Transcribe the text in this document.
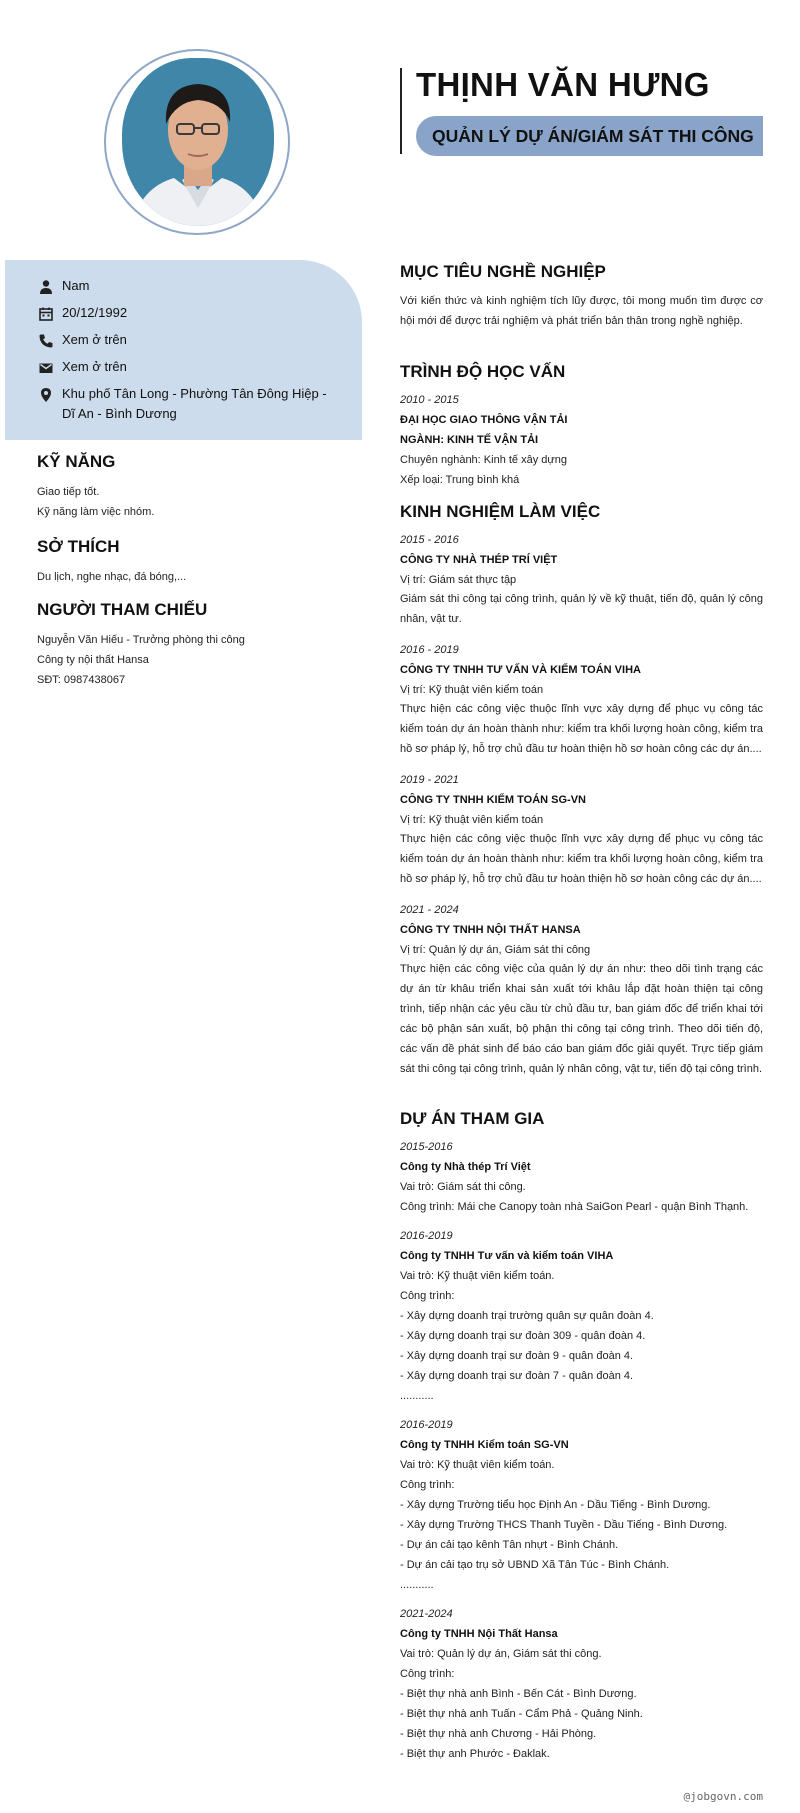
THỊNH VĂN HƯNG
QUẢN LÝ DỰ ÁN/GIÁM SÁT THI CÔNG
Nam
20/12/1992
Xem ở trên
Xem ở trên
Khu phố Tân Long - Phường Tân Đông Hiệp - Dĩ An - Bình Dương
KỸ NĂNG
Giao tiếp tốt.
Kỹ năng làm việc nhóm.
SỞ THÍCH
Du lịch, nghe nhạc, đá bóng,...
NGƯỜI THAM CHIẾU
Nguyễn Văn Hiếu - Trưởng phòng thi công
Công ty nội thất Hansa
SĐT: 0987438067
MỤC TIÊU NGHỀ NGHIỆP
Với kiến thức và kinh nghiệm tích lũy được, tôi mong muốn tìm được cơ hội mới để được trải nghiệm và phát triển bản thân trong nghề nghiệp.
TRÌNH ĐỘ HỌC VẤN
2010 - 2015
ĐẠI HỌC GIAO THÔNG VẬN TẢI
NGÀNH: KINH TẾ VẬN TẢI
Chuyên nghành: Kinh tế xây dựng
Xếp loại: Trung bình khá
KINH NGHIỆM LÀM VIỆC
2015 - 2016
CÔNG TY NHÀ THÉP TRÍ VIỆT
Vị trí: Giám sát thực tập
Giám sát thi công tại công trình, quản lý về kỹ thuật, tiến độ, quản lý công nhân, vật tư.
2016 - 2019
CÔNG TY TNHH TƯ VẤN VÀ KIỂM TOÁN VIHA
Vị trí: Kỹ thuật viên kiểm toán
Thực hiện các công việc thuộc lĩnh vực xây dựng để phục vụ công tác kiểm toán dự án hoàn thành như: kiểm tra khối lượng hoàn công, kiểm tra hồ sơ pháp lý, hỗ trợ chủ đầu tư hoàn thiện hồ sơ hoàn công các dự án....
2019 - 2021
CÔNG TY TNHH KIỂM TOÁN SG-VN
Vị trí: Kỹ thuật viên kiểm toán
Thực hiện các công việc thuộc lĩnh vực xây dựng để phục vụ công tác kiểm toán dự án hoàn thành như: kiểm tra khối lượng hoàn công, kiểm tra hồ sơ pháp lý, hỗ trợ chủ đầu tư hoàn thiện hồ sơ hoàn công các dự án....
2021 - 2024
CÔNG TY TNHH NỘI THẤT HANSA
Vị trí: Quản lý dự án, Giám sát thi công
Thực hiện các công việc của quản lý dự án như: theo dõi tình trạng các dự án từ khâu triển khai sản xuất tới khâu lắp đặt hoàn thiện tại công trình, tiếp nhận các yêu cầu từ chủ đầu tư, ban giám đốc để triển khai tới các bộ phận sản xuất, bộ phận thi công tại công trình. Theo dõi tiến độ, các vấn đề phát sinh để báo cáo ban giám đốc giải quyết. Trực tiếp giám sát thi công tại công trình, quản lý nhân công, vật tư, tiến độ tại công trình.
DỰ ÁN THAM GIA
2015-2016
Công ty Nhà thép Trí Việt
Vai trò: Giám sát thi công.
Công trình: Mái che Canopy toàn nhà SaiGon Pearl - quận Bình Thạnh.
2016-2019
Công ty TNHH Tư vấn và kiểm toán VIHA
Vai trò: Kỹ thuật viên kiểm toán.
Công trình:
- Xây dựng doanh trại trường quân sự quân đoàn 4.
- Xây dựng doanh trại sư đoàn 309 - quân đoàn 4.
- Xây dựng doanh trại sư đoàn 9 - quân đoàn 4.
- Xây dựng doanh trại sư đoàn 7 - quân đoàn 4.
...........
2016-2019
Công ty TNHH Kiểm toán SG-VN
Vai trò: Kỹ thuật viên kiểm toán.
Công trình:
- Xây dựng Trường tiểu học Định An - Dầu Tiếng - Bình Dương.
- Xây dựng Trường THCS Thanh Tuyền - Dầu Tiếng - Bình Dương.
- Dự án cải tạo kênh Tân nhựt - Bình Chánh.
- Dự án cải tạo trụ sở UBND Xã Tân Túc - Bình Chánh.
...........
2021-2024
Công ty TNHH Nội Thất Hansa
Vai trò: Quản lý dự án, Giám sát thi công.
Công trình:
- Biệt thự nhà anh Bình - Bến Cát - Bình Dương.
- Biệt thự nhà anh Tuấn - Cẩm Phả - Quảng Ninh.
- Biệt thự nhà anh Chương - Hải Phòng.
- Biệt thự anh Phước - Đaklak.
@jobgovn.com
